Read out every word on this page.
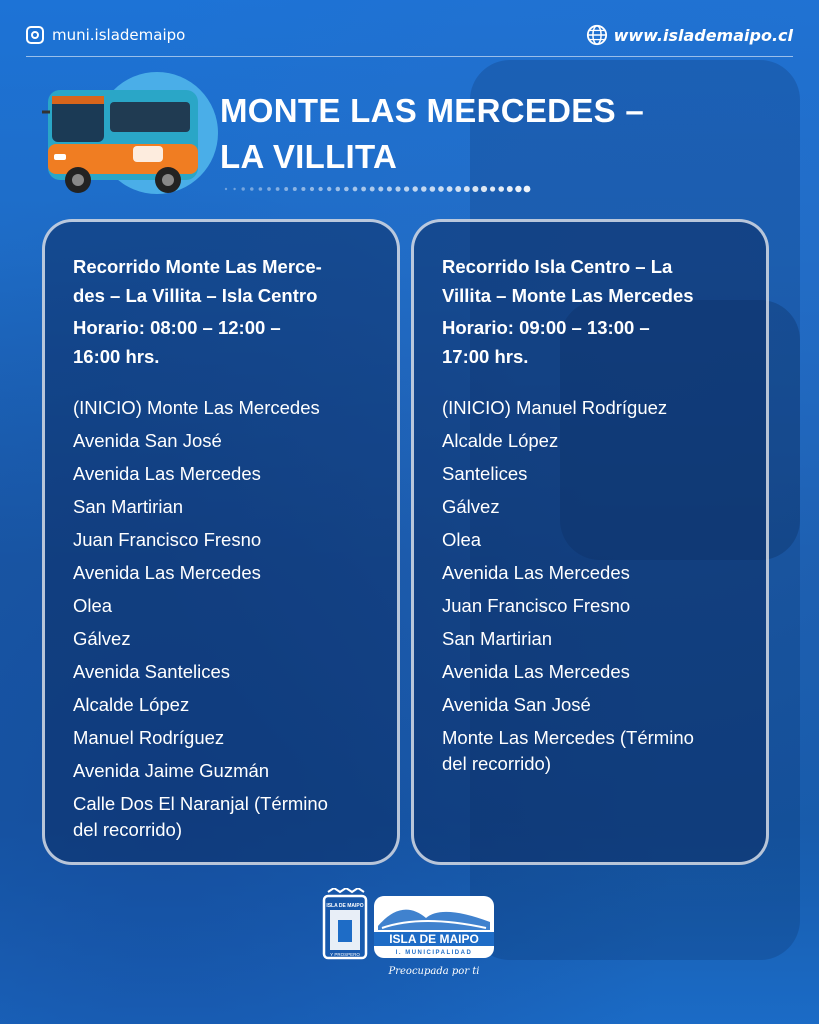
muni.islademaipo	www.islademaipo.cl
MONTE LAS MERCEDES –
LA VILLITA
Recorrido Monte Las Merce-
des – La Villita – Isla Centro
Horario: 08:00 – 12:00 –
16:00 hrs.
(INICIO) Monte Las Mercedes
Avenida San José
Avenida Las Mercedes
San Martirian
Juan Francisco Fresno
Avenida Las Mercedes
Olea
Gálvez
Avenida Santelices
Alcalde López
Manuel Rodríguez
Avenida Jaime Guzmán
Calle Dos El Naranjal (Término
del recorrido)
Recorrido Isla Centro – La
Villita – Monte Las Mercedes
Horario: 09:00 – 13:00 –
17:00 hrs.
(INICIO) Manuel Rodríguez
Alcalde López
Santelices
Gálvez
Olea
Avenida Las Mercedes
Juan Francisco Fresno
San Martirian
Avenida Las Mercedes
Avenida San José
Monte Las Mercedes (Término
del recorrido)
ISLA DE MAIPO
Y PROSPERO
ISLA DE MAIPO
I. MUNICIPALIDAD
Preocupada por ti
